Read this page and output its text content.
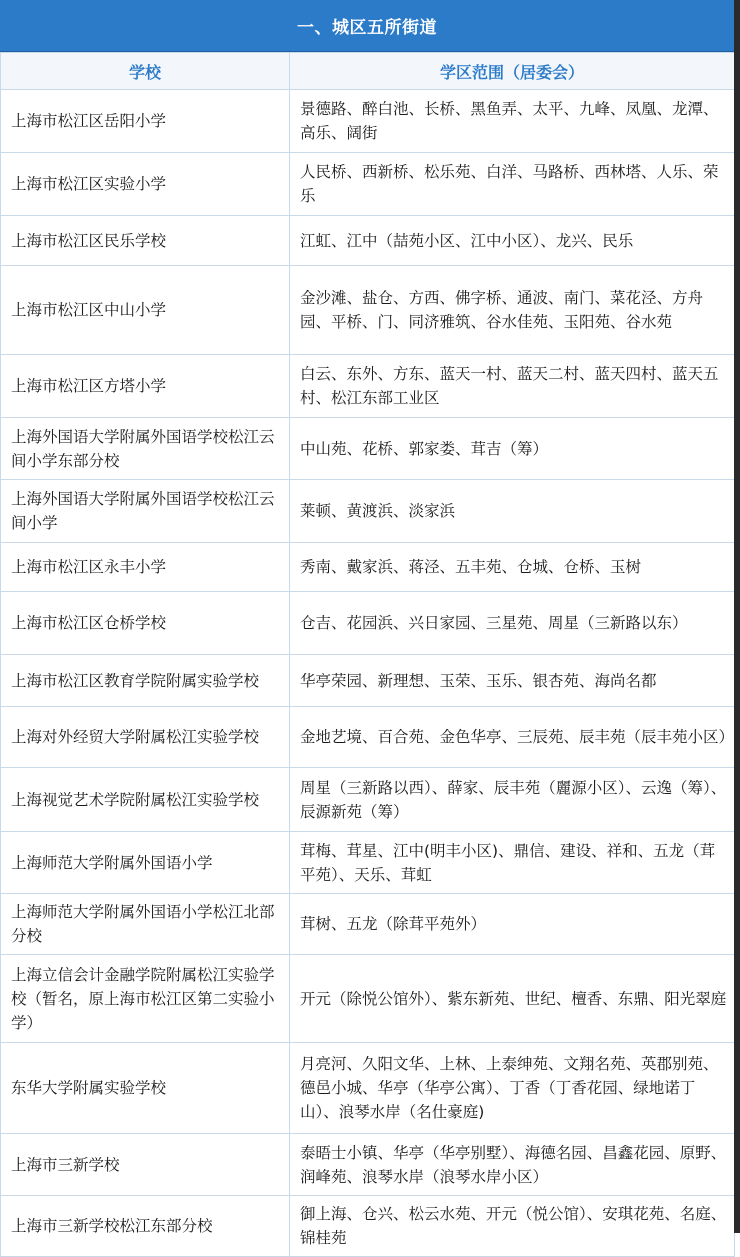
一、城区五所街道
学校	学区范围（居委会）
上海市松江区岳阳小学	景德路、醉白池、长桥、黑鱼弄、太平、九峰、凤凰、龙潭、高乐、阔街
上海市松江区实验小学	人民桥、西新桥、松乐苑、白洋、马路桥、西林塔、人乐、荣乐
上海市松江区民乐学校	江虹、江中（喆苑小区、江中小区）、龙兴、民乐
上海市松江区中山小学	金沙滩、盐仓、方西、佛字桥、通波、南门、菜花泾、方舟园、平桥、门、同济雅筑、谷水佳苑、玉阳苑、谷水苑
上海市松江区方塔小学	白云、东外、方东、蓝天一村、蓝天二村、蓝天四村、蓝天五村、松江东部工业区
上海外国语大学附属外国语学校松江云间小学东部分校	中山苑、花桥、郭家娄、茸吉（筹）
上海外国语大学附属外国语学校松江云间小学	莱顿、黄渡浜、淡家浜
上海市松江区永丰小学	秀南、戴家浜、蒋泾、五丰苑、仓城、仓桥、玉树
上海市松江区仓桥学校	仓吉、花园浜、兴日家园、三星苑、周星（三新路以东）
上海市松江区教育学院附属实验学校	华亭荣园、新理想、玉荣、玉乐、银杏苑、海尚名都
上海对外经贸大学附属松江实验学校	金地艺境、百合苑、金色华亭、三辰苑、辰丰苑（辰丰苑小区）
上海视觉艺术学院附属松江实验学校	周星（三新路以西）、薛家、辰丰苑（麗源小区）、云逸（筹）、辰源新苑（筹）
上海师范大学附属外国语小学	茸梅、茸星、江中(明丰小区)、鼎信、建设、祥和、五龙（茸平苑）、天乐、茸虹
上海师范大学附属外国语小学松江北部分校	茸树、五龙（除茸平苑外）
上海立信会计金融学院附属松江实验学校（暂名，原上海市松江区第二实验小学）	开元（除悦公馆外）、紫东新苑、世纪、檀香、东鼎、阳光翠庭
东华大学附属实验学校	月亮河、久阳文华、上林、上泰绅苑、文翔名苑、英郡别苑、德邑小城、华亭（华亭公寓）、丁香（丁香花园、绿地诺丁山）、浪琴水岸（名仕豪庭)
上海市三新学校	泰晤士小镇、华亭（华亭别墅）、海德名园、昌鑫花园、原野、润峰苑、浪琴水岸（浪琴水岸小区）
上海市三新学校松江东部分校	御上海、仓兴、松云水苑、开元（悦公馆）、安琪花苑、名庭、锦桂苑
